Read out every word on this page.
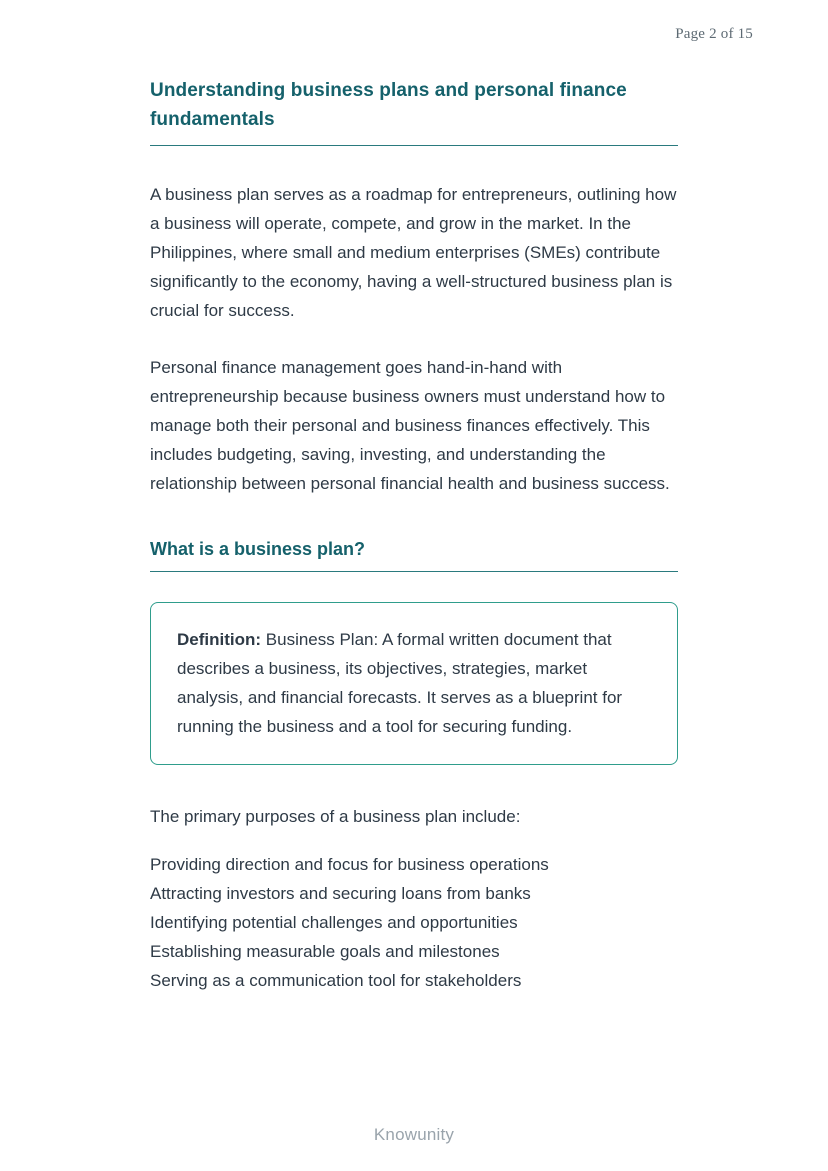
Page 2 of 15
Understanding business plans and personal finance fundamentals

A business plan serves as a roadmap for entrepreneurs, outlining how a business will operate, compete, and grow in the market. In the Philippines, where small and medium enterprises (SMEs) contribute significantly to the economy, having a well-structured business plan is crucial for success.

Personal finance management goes hand-in-hand with entrepreneurship because business owners must understand how to manage both their personal and business finances effectively. This includes budgeting, saving, investing, and understanding the relationship between personal financial health and business success.

What is a business plan?
Definition: Business Plan: A formal written document that describes a business, its objectives, strategies, market analysis, and financial forecasts. It serves as a blueprint for running the business and a tool for securing funding.

The primary purposes of a business plan include:

Providing direction and focus for business operations
Attracting investors and securing loans from banks
Identifying potential challenges and opportunities
Establishing measurable goals and milestones
Serving as a communication tool for stakeholders
Knowunity
